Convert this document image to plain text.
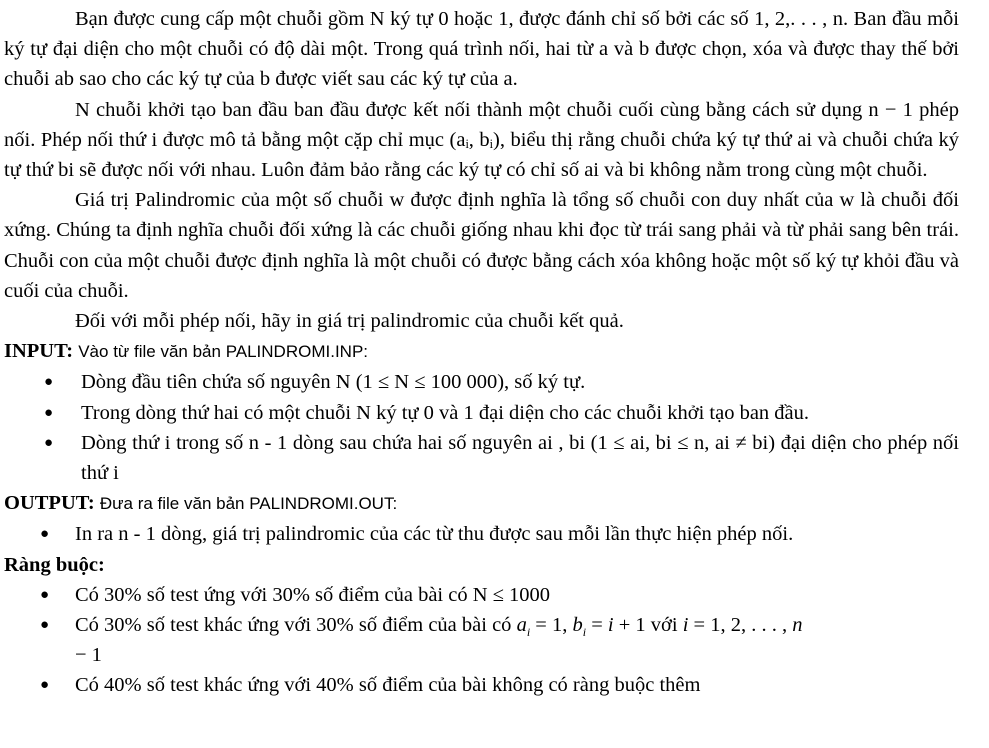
Bạn được cung cấp một chuỗi gồm N ký tự 0 hoặc 1, được đánh chỉ số bởi các số 1, 2,. . . , n. Ban đầu mỗi ký tự đại diện cho một chuỗi có độ dài một. Trong quá trình nối, hai từ a và b được chọn, xóa và được thay thế bởi chuỗi ab sao cho các ký tự của b được viết sau các ký tự của a.

N chuỗi khởi tạo ban đầu ban đầu được kết nối thành một chuỗi cuối cùng bằng cách sử dụng n − 1 phép nối. Phép nối thứ i được mô tả bằng một cặp chỉ mục (aᵢ, bᵢ), biểu thị rằng chuỗi chứa ký tự thứ ai và chuỗi chứa ký tự thứ bi sẽ được nối với nhau. Luôn đảm bảo rằng các ký tự có chỉ số ai và bi không nằm trong cùng một chuỗi.

Giá trị Palindromic của một số chuỗi w được định nghĩa là tổng số chuỗi con duy nhất của w là chuỗi đối xứng. Chúng ta định nghĩa chuỗi đối xứng là các chuỗi giống nhau khi đọc từ trái sang phải và từ phải sang bên trái. Chuỗi con của một chuỗi được định nghĩa là một chuỗi có được bằng cách xóa không hoặc một số ký tự khỏi đầu và cuối của chuỗi.

Đối với mỗi phép nối, hãy in giá trị palindromic của chuỗi kết quả.

INPUT: Vào từ file văn bản PALINDROMI.INP:

● Dòng đầu tiên chứa số nguyên N (1 ≤ N ≤ 100 000), số ký tự.
● Trong dòng thứ hai có một chuỗi N ký tự 0 và 1 đại diện cho các chuỗi khởi tạo ban đầu.
● Dòng thứ i trong số n - 1 dòng sau chứa hai số nguyên ai , bi (1 ≤ ai, bi ≤ n, ai ≠ bi) đại diện cho phép nối thứ i

OUTPUT: Đưa ra file văn bản PALINDROMI.OUT:

● In ra n - 1 dòng, giá trị palindromic của các từ thu được sau mỗi lần thực hiện phép nối.

Ràng buộc:

● Có 30% số test ứng với 30% số điểm của bài có N ≤ 1000
● Có 30% số test khác ứng với 30% số điểm của bài có $a_i = 1$, $b_i = i + 1$ với i = 1, 2, . . . , n
− 1
● Có 40% số test khác ứng với 40% số điểm của bài không có ràng buộc thêm
